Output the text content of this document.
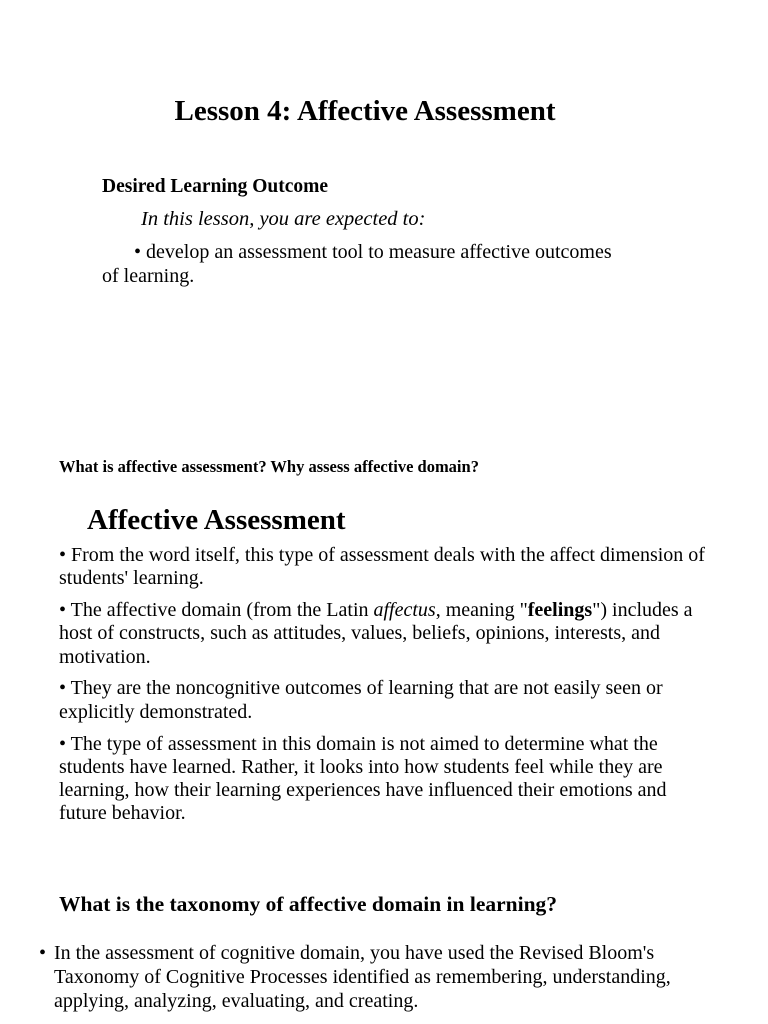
Lesson 4: Affective Assessment
Desired Learning Outcome
In this lesson, you are expected to:
• develop an assessment tool to measure affective outcomes of learning.
What is affective assessment? Why assess affective domain?
Affective Assessment
• From the word itself, this type of assessment deals with the affect dimension of students' learning.
• The affective domain (from the Latin affectus, meaning "feelings") includes a host of constructs, such as attitudes, values, beliefs, opinions, interests, and motivation.
• They are the noncognitive outcomes of learning that are not easily seen or explicitly demonstrated.
• The type of assessment in this domain is not aimed to determine what the students have learned. Rather, it looks into how students feel while they are learning, how their learning experiences have influenced their emotions and future behavior.
What is the taxonomy of affective domain in learning?
• In the assessment of cognitive domain, you have used the Revised Bloom's Taxonomy of Cognitive Processes identified as remembering, understanding, applying, analyzing, evaluating, and creating.
